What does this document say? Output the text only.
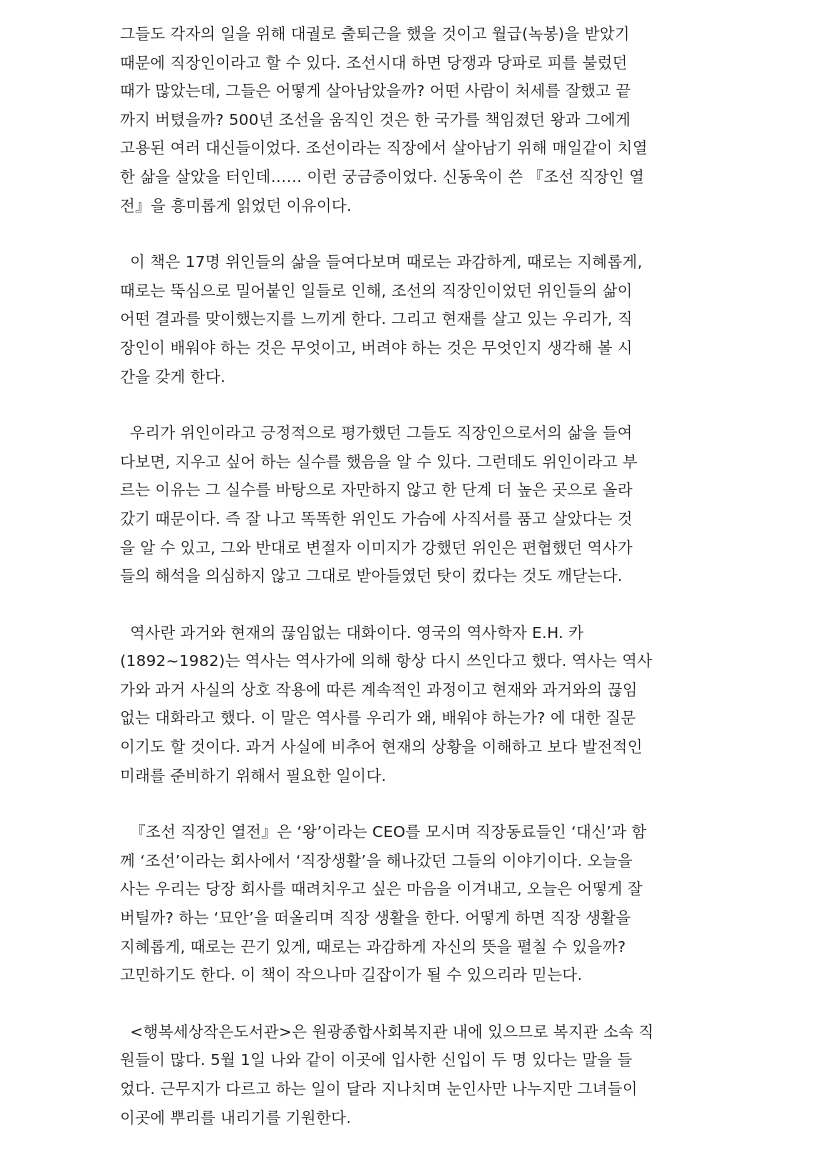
그들도 각자의 일을 위해 대궐로 출퇴근을 했을 것이고 월급(녹봉)을 받았기
때문에 직장인이라고 할 수 있다. 조선시대 하면 당쟁과 당파로 피를 불렀던
때가 많았는데, 그들은 어떻게 살아남았을까? 어떤 사람이 처세를 잘했고 끝
까지 버텼을까? 500년 조선을 움직인 것은 한 국가를 책임졌던 왕과 그에게
고용된 여러 대신들이었다. 조선이라는 직장에서 살아남기 위해 매일같이 치열
한 삶을 살았을 터인데…… 이런 궁금증이었다. 신동욱이 쓴 『조선 직장인 열
전』을 흥미롭게 읽었던 이유이다.
이 책은 17명 위인들의 삶을 들여다보며 때로는 과감하게, 때로는 지혜롭게,
때로는 뚝심으로 밀어붙인 일들로 인해, 조선의 직장인이었던 위인들의 삶이
어떤 결과를 맞이했는지를 느끼게 한다. 그리고 현재를 살고 있는 우리가, 직
장인이 배워야 하는 것은 무엇이고, 버려야 하는 것은 무엇인지 생각해 볼 시
간을 갖게 한다.
우리가 위인이라고 긍정적으로 평가했던 그들도 직장인으로서의 삶을 들여
다보면, 지우고 싶어 하는 실수를 했음을 알 수 있다. 그런데도 위인이라고 부
르는 이유는 그 실수를 바탕으로 자만하지 않고 한 단계 더 높은 곳으로 올라
갔기 때문이다. 즉 잘 나고 똑똑한 위인도 가슴에 사직서를 품고 살았다는 것
을 알 수 있고, 그와 반대로 변절자 이미지가 강했던 위인은 편협했던 역사가
들의 해석을 의심하지 않고 그대로 받아들였던 탓이 컸다는 것도 깨닫는다.
역사란 과거와 현재의 끊임없는 대화이다. 영국의 역사학자 E.H. 카
(1892~1982)는 역사는 역사가에 의해 항상 다시 쓰인다고 했다. 역사는 역사
가와 과거 사실의 상호 작용에 따른 계속적인 과정이고 현재와 과거와의 끊임
없는 대화라고 했다. 이 말은 역사를 우리가 왜, 배워야 하는가? 에 대한 질문
이기도 할 것이다. 과거 사실에 비추어 현재의 상황을 이해하고 보다 발전적인
미래를 준비하기 위해서 필요한 일이다.
『조선 직장인 열전』은 ‘왕’이라는 CEO를 모시며 직장동료들인 ‘대신’과 함
께 ‘조선’이라는 회사에서 ‘직장생활’을 해나갔던 그들의 이야기이다. 오늘을
사는 우리는 당장 회사를 때려치우고 싶은 마음을 이겨내고, 오늘은 어떻게 잘
버틸까? 하는 ‘묘안’을 떠올리며 직장 생활을 한다. 어떻게 하면 직장 생활을
지혜롭게, 때로는 끈기 있게, 때로는 과감하게 자신의 뜻을 펼칠 수 있을까?
고민하기도 한다. 이 책이 작으나마 길잡이가 될 수 있으리라 믿는다.
<행복세상작은도서관>은 원광종합사회복지관 내에 있으므로 복지관 소속 직
원들이 많다. 5월 1일 나와 같이 이곳에 입사한 신입이 두 명 있다는 말을 들
었다. 근무지가 다르고 하는 일이 달라 지나치며 눈인사만 나누지만 그녀들이
이곳에 뿌리를 내리기를 기원한다.
